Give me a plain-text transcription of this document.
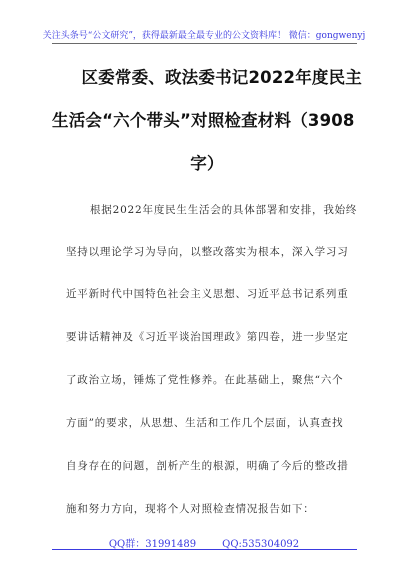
关注头条号“公文研究”，获得最新最全最专业的公文资料库！ 微信：gongwenyj
区委常委、政法委书记2022年度民主
生活会“六个带头”对照检查材料（3908
字）
根据2022年度民生生活会的具体部署和安排，我始终
坚持以理论学习为导向，以整改落实为根本，深入学习习
近平新时代中国特色社会主义思想、习近平总书记系列重
要讲话精神及《习近平谈治国理政》第四卷，进一步坚定
了政治立场，锤炼了党性修养。在此基础上，聚焦“六个
方面”的要求，从思想、生活和工作几个层面，认真查找
自身存在的问题，剖析产生的根源，明确了今后的整改措
施和努力方向，现将个人对照检查情况报告如下：
QQ群：31991489	QQ:535304092
